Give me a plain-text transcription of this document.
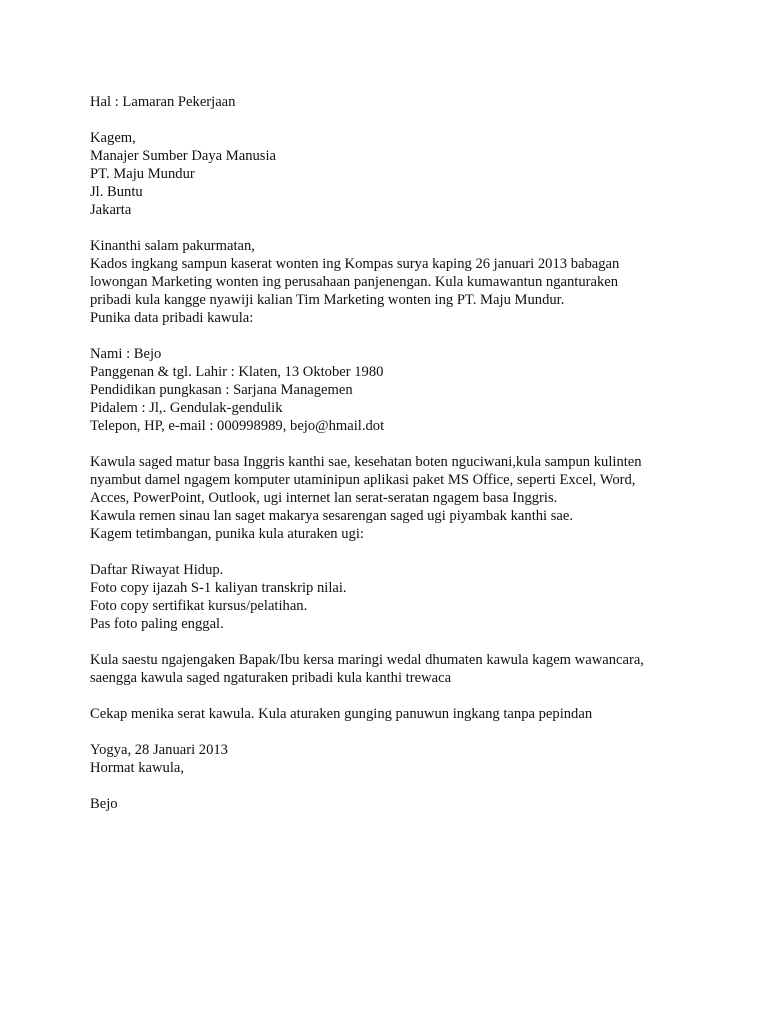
Hal : Lamaran Pekerjaan
Kagem,
Manajer Sumber Daya Manusia
PT. Maju Mundur
Jl. Buntu
Jakarta
Kinanthi salam pakurmatan,
Kados ingkang sampun kaserat wonten ing Kompas surya kaping 26 januari 2013 babagan
lowongan Marketing wonten ing perusahaan panjenengan. Kula kumawantun nganturaken
pribadi kula kangge nyawiji kalian Tim Marketing wonten ing PT. Maju Mundur.
Punika data pribadi kawula:
Nami : Bejo
Panggenan & tgl. Lahir : Klaten, 13 Oktober 1980
Pendidikan pungkasan : Sarjana Managemen
Pidalem : Jl,. Gendulak-gendulik
Telepon, HP, e-mail : 000998989, bejo@hmail.dot
Kawula saged matur basa Inggris kanthi sae, kesehatan boten nguciwani,kula sampun kulinten
nyambut damel ngagem komputer utaminipun aplikasi paket MS Office, seperti Excel, Word,
Acces, PowerPoint, Outlook, ugi internet lan serat-seratan ngagem basa Inggris.
Kawula remen sinau lan saget makarya sesarengan saged ugi piyambak kanthi sae.
Kagem tetimbangan, punika kula aturaken ugi:
Daftar Riwayat Hidup.
Foto copy ijazah S-1 kaliyan transkrip nilai.
Foto copy sertifikat kursus/pelatihan.
Pas foto paling enggal.
Kula saestu ngajengaken Bapak/Ibu kersa maringi wedal dhumaten kawula kagem wawancara,
saengga kawula saged ngaturaken pribadi kula kanthi trewaca
Cekap menika serat kawula. Kula aturaken gunging panuwun ingkang tanpa pepindan
Yogya, 28 Januari 2013
Hormat kawula,
Bejo
